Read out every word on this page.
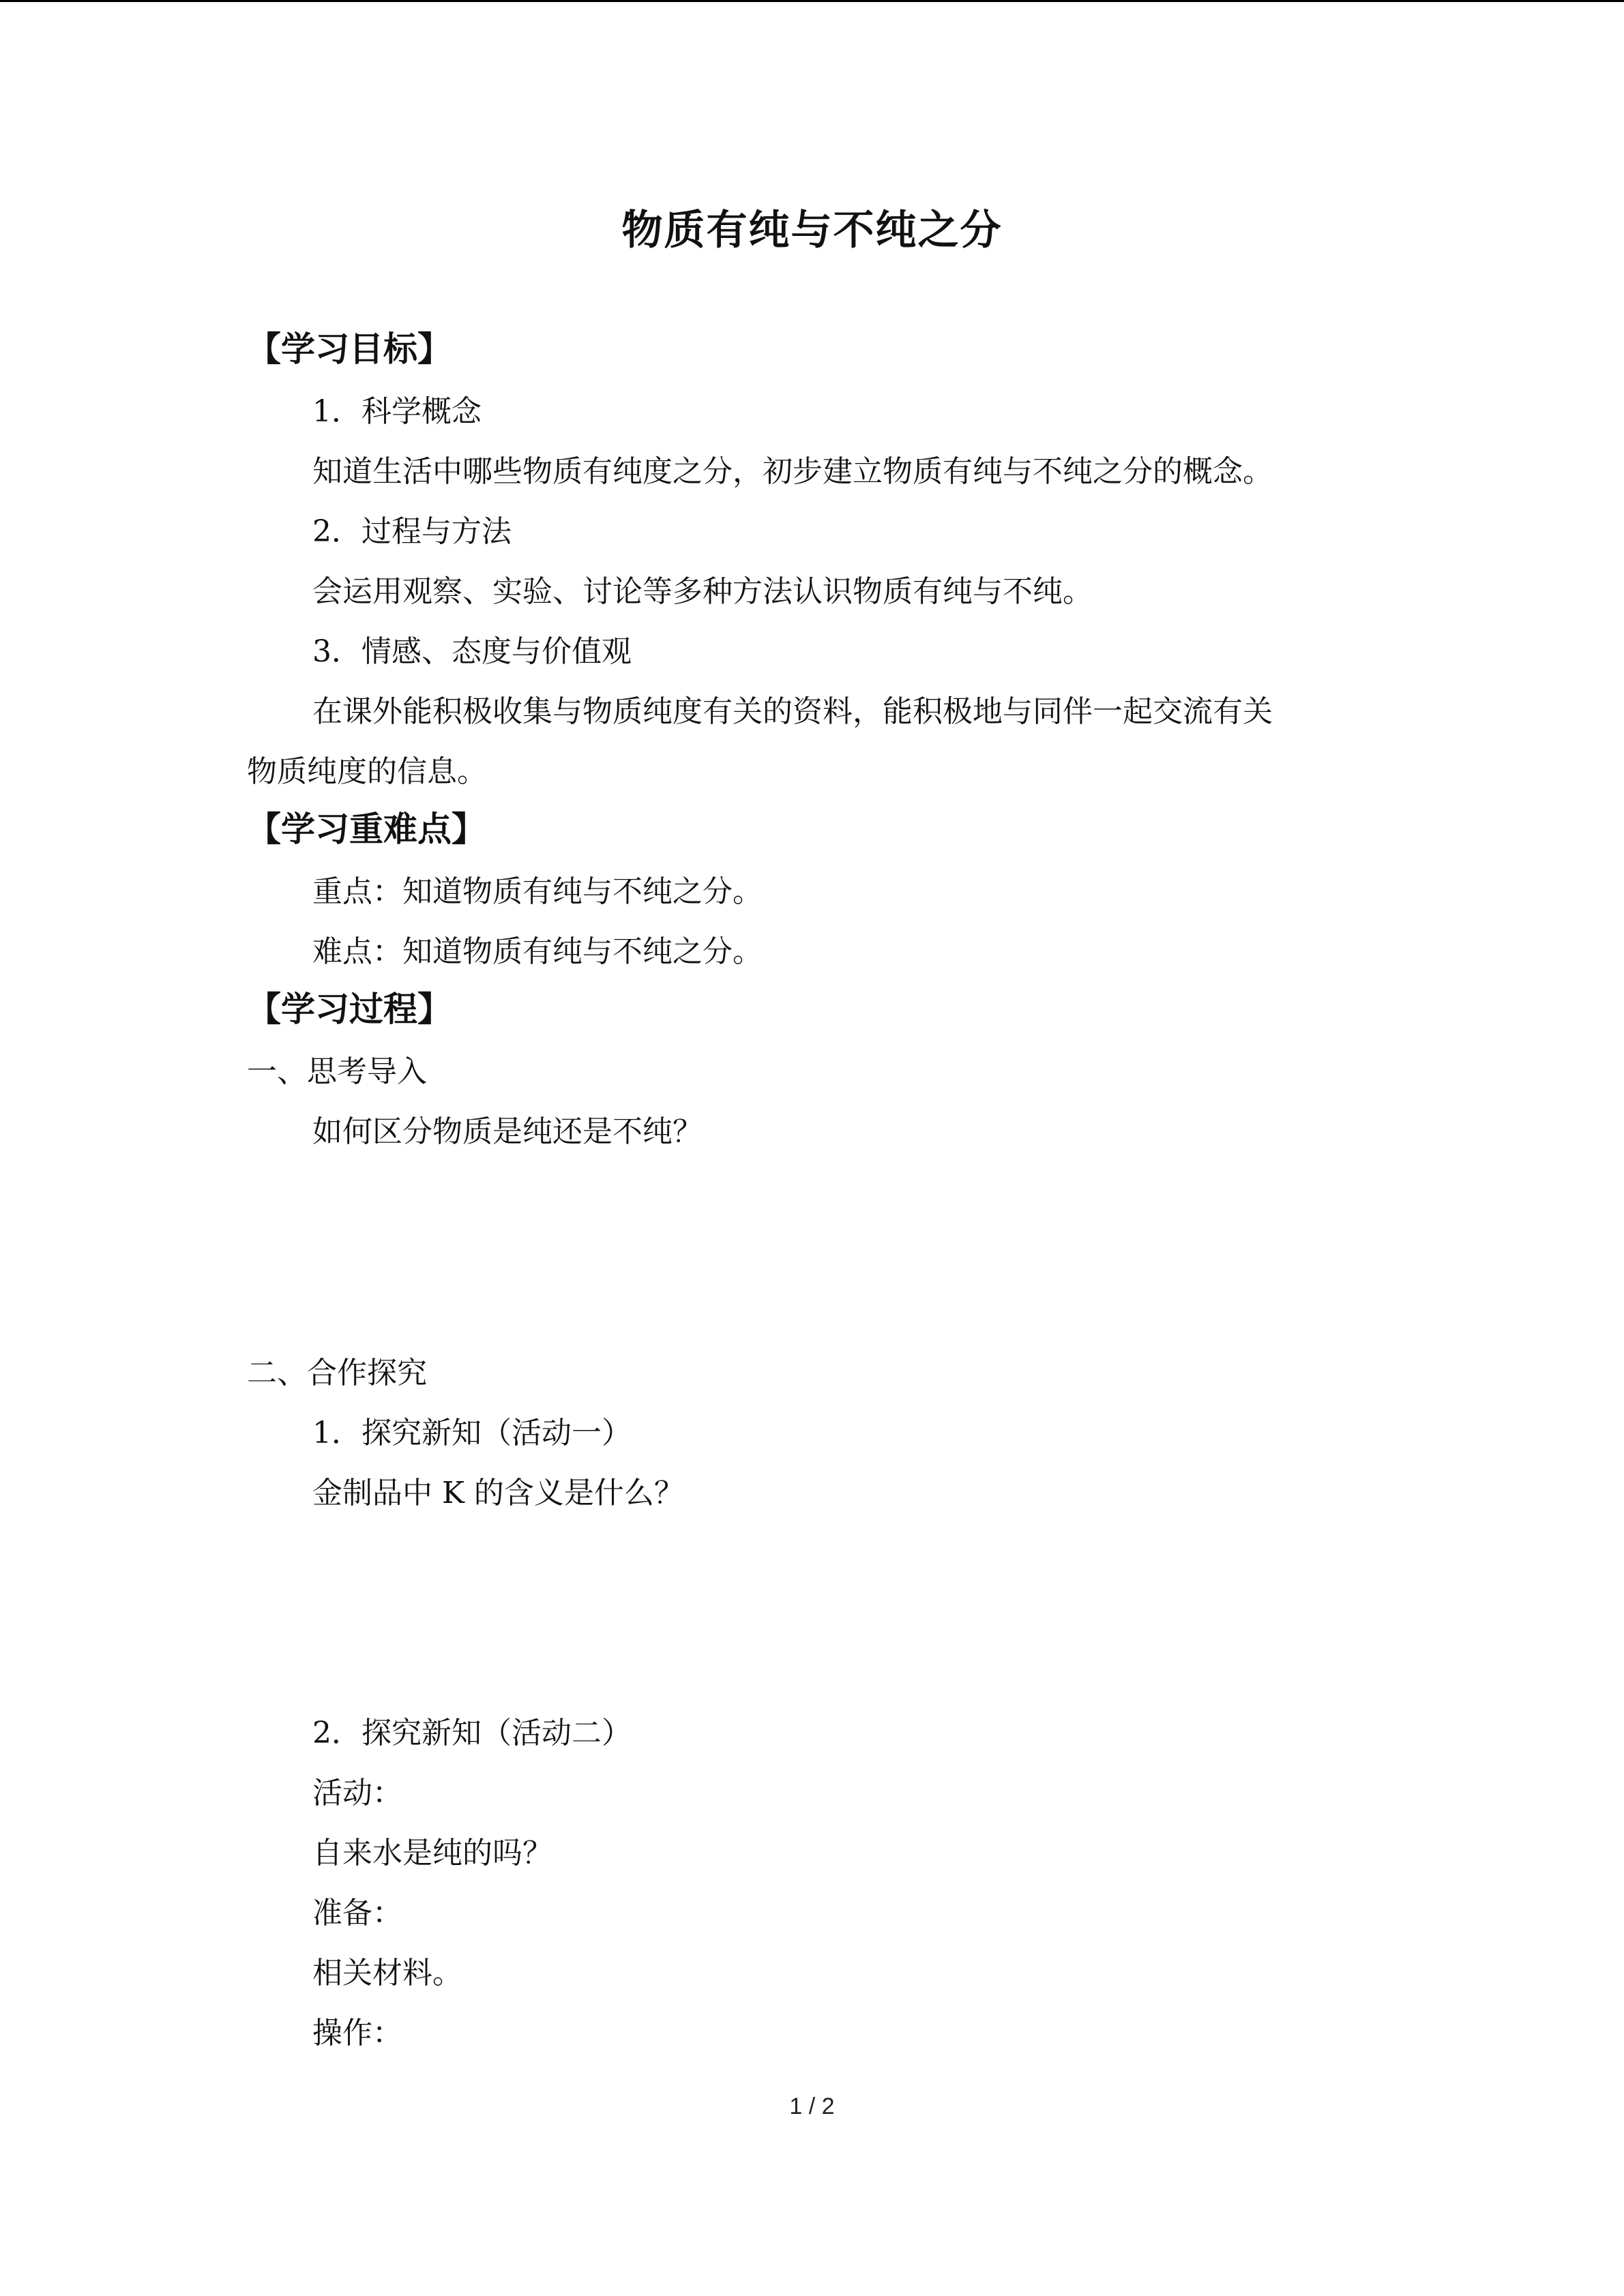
物质有纯与不纯之分
【学习目标】
1．科学概念
知道生活中哪些物质有纯度之分，初步建立物质有纯与不纯之分的概念。
2．过程与方法
会运用观察、实验、讨论等多种方法认识物质有纯与不纯。
3．情感、态度与价值观
在课外能积极收集与物质纯度有关的资料，能积极地与同伴一起交流有关
物质纯度的信息。
【学习重难点】
重点：知道物质有纯与不纯之分。
难点：知道物质有纯与不纯之分。
【学习过程】
一、思考导入
如何区分物质是纯还是不纯？
二、合作探究
1．探究新知（活动一）
金制品中 K 的含义是什么？
2．探究新知（活动二）
活动：
自来水是纯的吗？
准备：
相关材料。
操作：
1 / 2
